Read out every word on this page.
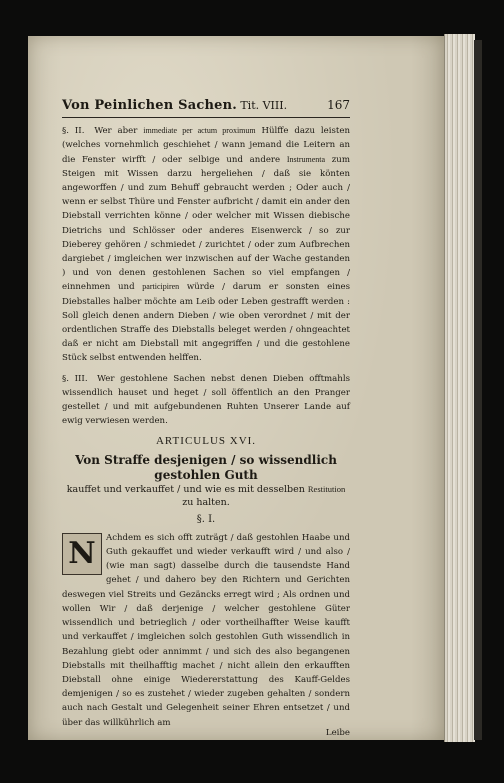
Von Peinlichen Sachen. Tit. VIII.	167

§. II. Wer aber immediate per actum proximum Hülffe dazu leisten (welches vornehmlich geschiehet / wann jemand die Leitern an die Fenster wirfft / oder selbige und andere Instrumenta zum Steigen mit Wissen darzu hergeliehen / daß sie könten angeworffen / und zum Behuff gebraucht werden ; Oder auch / wenn er selbst Thüre und Fenster aufbricht / damit ein ander den Diebstall verrichten könne / oder welcher mit Wissen diebische Dietrichs und Schlösser oder anderes Eisenwerck / so zur Dieberey gehören / schmiedet / zurichtet / oder zum Aufbrechen dargiebet / imgleichen wer inzwischen auf der Wache gestanden ) und von denen gestohlenen Sachen so viel empfangen / einnehmen und participiren würde / darum er sonsten eines Diebstalles halber möchte am Leib oder Leben gestrafft werden : Soll gleich denen andern Dieben / wie oben verordnet / mit der ordentlichen Straffe des Diebstalls beleget werden / ohngeachtet daß er nicht am Diebstall mit angegriffen / und die gestohlene Stück selbst entwenden helffen.

§. III. Wer gestohlene Sachen nebst denen Dieben offtmahls wissendlich hauset und heget / soll öffentlich an den Pranger gestellet / und mit aufgebundenen Ruhten Unserer Lande auf ewig verwiesen werden.

ARTICULUS XVI.
Von Straffe desjenigen / so wissendlich gestohlen Guth
kauffet und verkauffet / und wie es mit desselben Restitution zu halten.
§. I.
N	Achdem es sich offt zuträgt / daß gestohlen Haabe und Guth gekauffet und wieder verkaufft wird / und also / (wie man sagt) dasselbe durch die tausendste Hand gehet / und dahero bey den Richtern und Gerichten deswegen viel Streits und Gezäncks erregt wird ; Als ordnen und wollen Wir / daß derjenige / welcher gestohlene Güter wissendlich und betrieglich / oder vortheilhaffter Weise kaufft und verkauffet / imgleichen solch gestohlen Guth wissendlich in Bezahlung giebt oder annimmt / und sich des also begangenen Diebstalls mit theilhafftig machet / nicht allein den erkaufften Diebstall ohne einige Wiedererstattung des Kauff-Geldes demjenigen / so es zustehet / wieder zugeben gehalten / sondern auch nach Gestalt und Gelegenheit seiner Ehren entsetzet / und über das willkührlich am

Leibe
